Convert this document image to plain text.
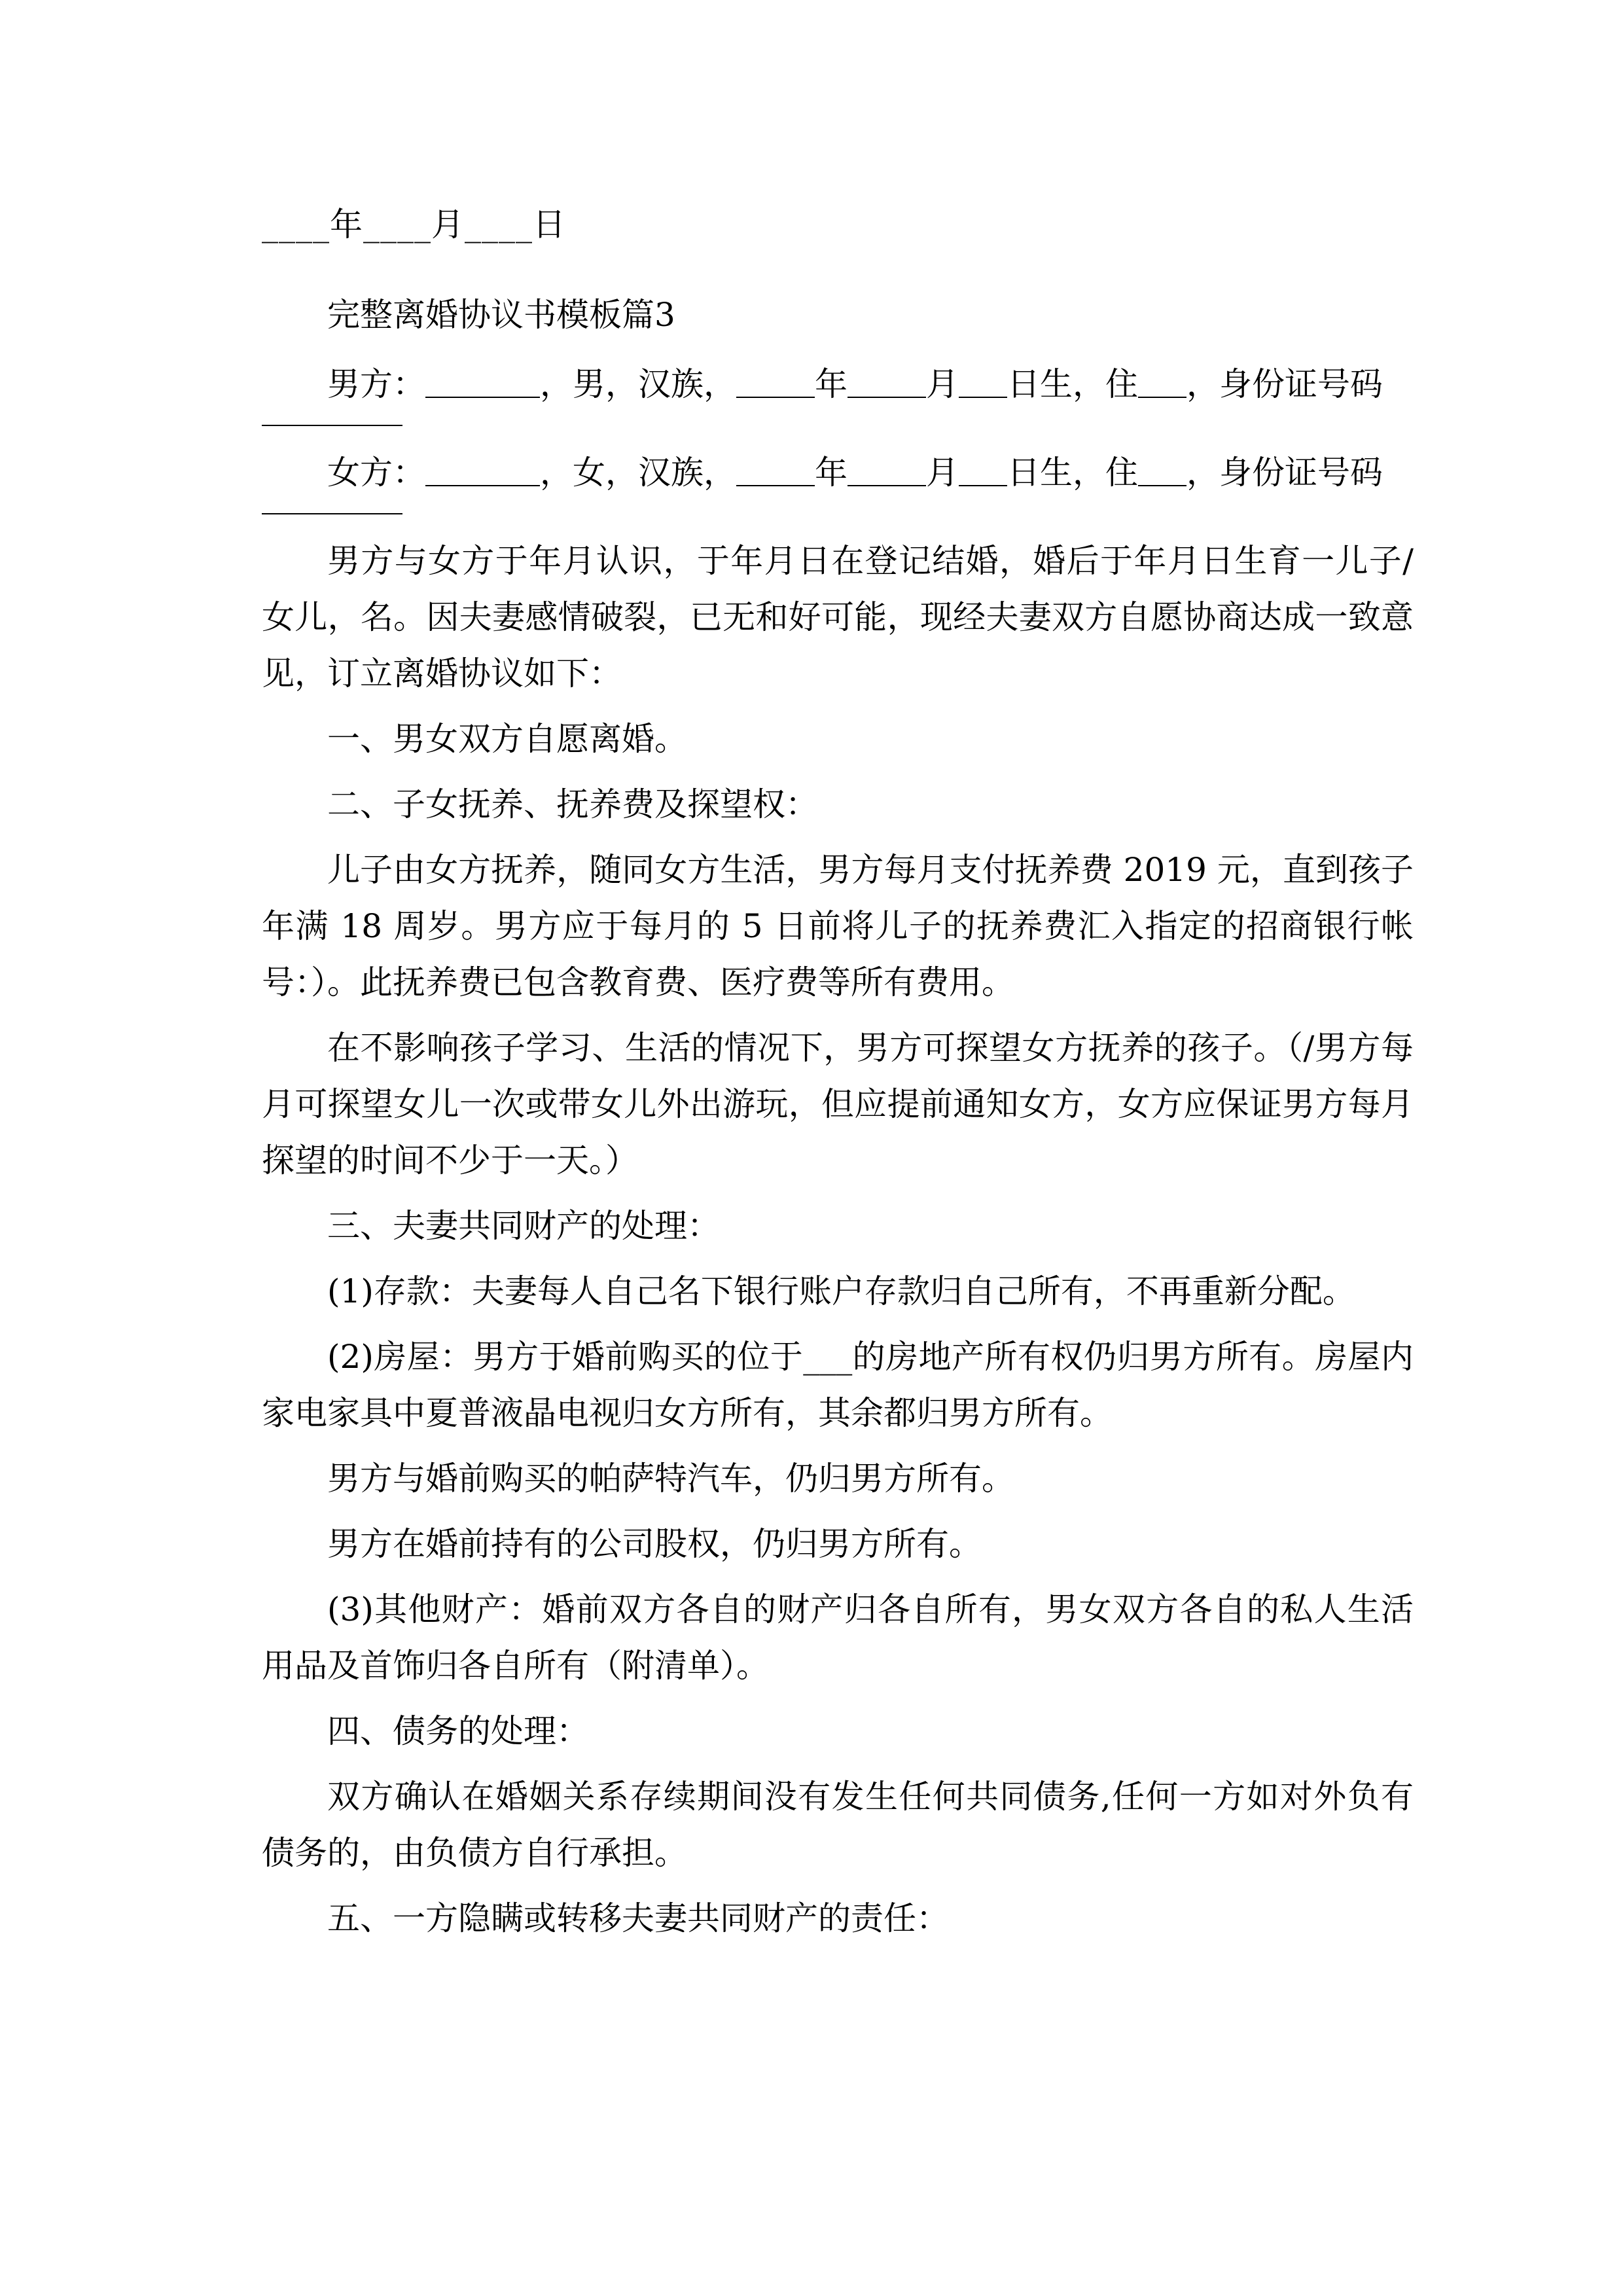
____年____月____日
完整离婚协议书模板篇3
男方：	，男，汉族， 年 月 日生，住 ，身份证号码
女方：	，女，汉族， 年 月 日生，住 ，身份证号码

男方与女方于年月认识，于年月日在登记结婚，婚后于年月日生育一儿子/女儿，名。因夫妻感情破裂，已无和好可能，现经夫妻双方自愿协商达成一致意见，订立离婚协议如下：

一、男女双方自愿离婚。

二、子女抚养、抚养费及探望权：

儿子由女方抚养，随同女方生活，男方每月支付抚养费 2019 元，直到孩子年满 18 周岁。男方应于每月的 5 日前将儿子的抚养费汇入指定的招商银行帐号：）。此抚养费已包含教育费、医疗费等所有费用。

在不影响孩子学习、生活的情况下，男方可探望女方抚养的孩子。（/男方每月可探望女儿一次或带女儿外出游玩，但应提前通知女方，女方应保证男方每月探望的时间不少于一天。）

三、夫妻共同财产的处理：

(1)存款：夫妻每人自己名下银行账户存款归自己所有，不再重新分配。

(2)房屋：男方于婚前购买的位于___的房地产所有权仍归男方所有。房屋内家电家具中夏普液晶电视归女方所有，其余都归男方所有。

男方与婚前购买的帕萨特汽车，仍归男方所有。

男方在婚前持有的公司股权，仍归男方所有。

(3)其他财产：婚前双方各自的财产归各自所有，男女双方各自的私人生活用品及首饰归各自所有（附清单）。

四、债务的处理：

双方确认在婚姻关系存续期间没有发生任何共同债务,任何一方如对外负有债务的，由负债方自行承担。

五、一方隐瞒或转移夫妻共同财产的责任：
